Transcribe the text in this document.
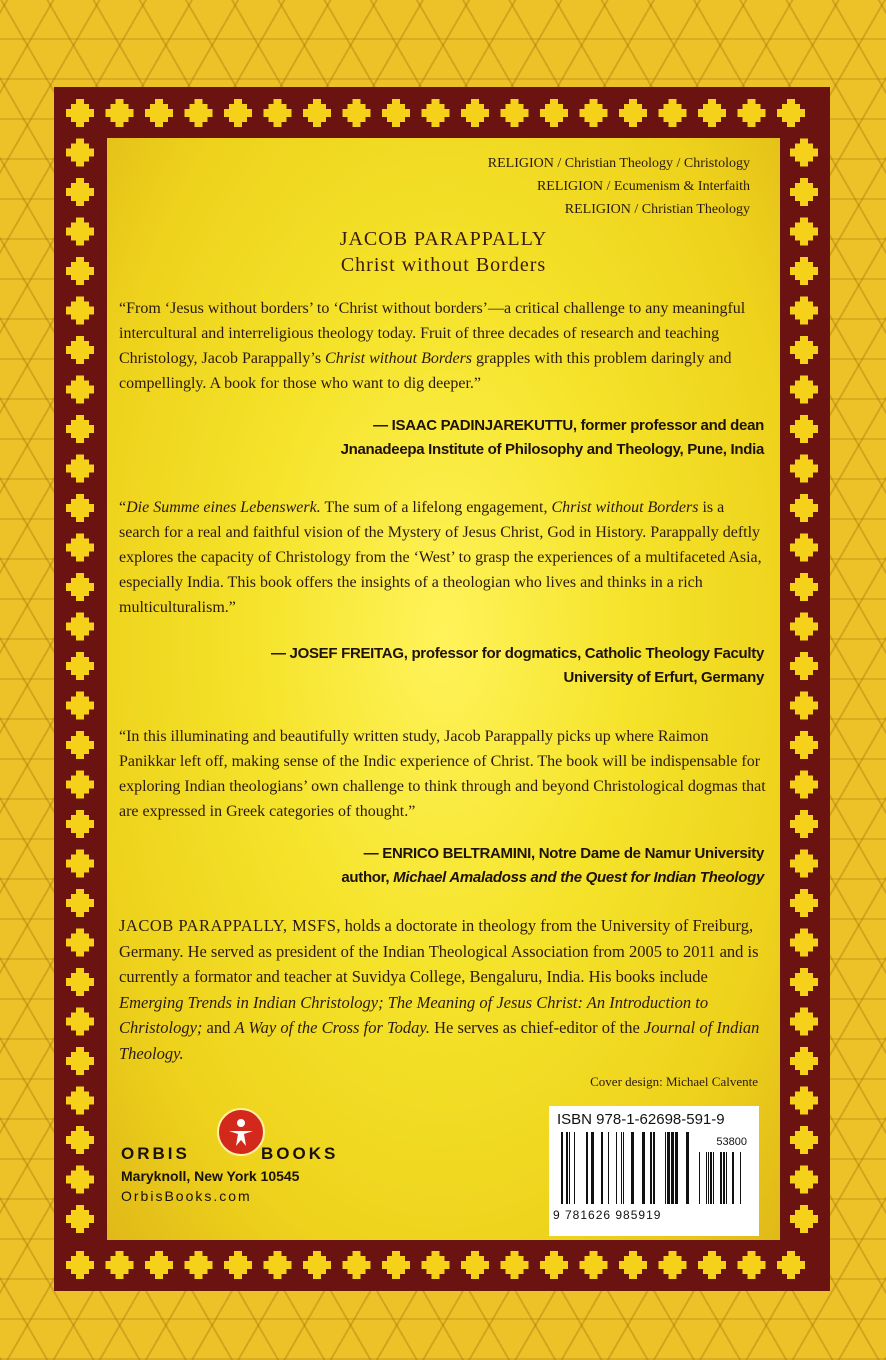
RELIGION / Christian Theology / Christology
RELIGION / Ecumenism & Interfaith
RELIGION / Christian Theology
JACOB PARAPPALLY
Christ without Borders
“From ‘Jesus without borders’ to ‘Christ without borders’—a critical challenge to any meaningful intercultural and interreligious theology today. Fruit of three decades of research and teaching Christology, Jacob Parappally’s Christ without Borders grapples with this problem daringly and compellingly. A book for those who want to dig deeper.”
— ISAAC PADINJAREKUTTU, former professor and dean
Jnanadeepa Institute of Philosophy and Theology, Pune, India
“Die Summe eines Lebenswerk. The sum of a lifelong engagement, Christ without Borders is a search for a real and faithful vision of the Mystery of Jesus Christ, God in History. Parappally deftly explores the capacity of Christology from the ‘West’ to grasp the experiences of a multifaceted Asia, especially India. This book offers the insights of a theologian who lives and thinks in a rich multiculturalism.”
— JOSEF FREITAG, professor for dogmatics, Catholic Theology Faculty
University of Erfurt, Germany
“In this illuminating and beautifully written study, Jacob Parappally picks up where Raimon Panikkar left off, making sense of the Indic experience of Christ. The book will be indispensable for exploring Indian theologians’ own challenge to think through and beyond Christological dogmas that are expressed in Greek categories of thought.”
— ENRICO BELTRAMINI, Notre Dame de Namur University
author, Michael Amaladoss and the Quest for Indian Theology
JACOB PARAPPALLY, MSFS, holds a doctorate in theology from the University of Freiburg, Germany. He served as president of the Indian Theological Association from 2005 to 2011 and is currently a formator and teacher at Suvidya College, Bengaluru, India. His books include Emerging Trends in Indian Christology; The Meaning of Jesus Christ: An Introduction to Christology; and A Way of the Cross for Today. He serves as chief-editor of the Journal of Indian Theology.
Cover design: Michael Calvente
ORBIS	BOOKS
Maryknoll, New York 10545
OrbisBooks.com
ISBN 978-1-62698-591-9
53800
9 781626 985919
